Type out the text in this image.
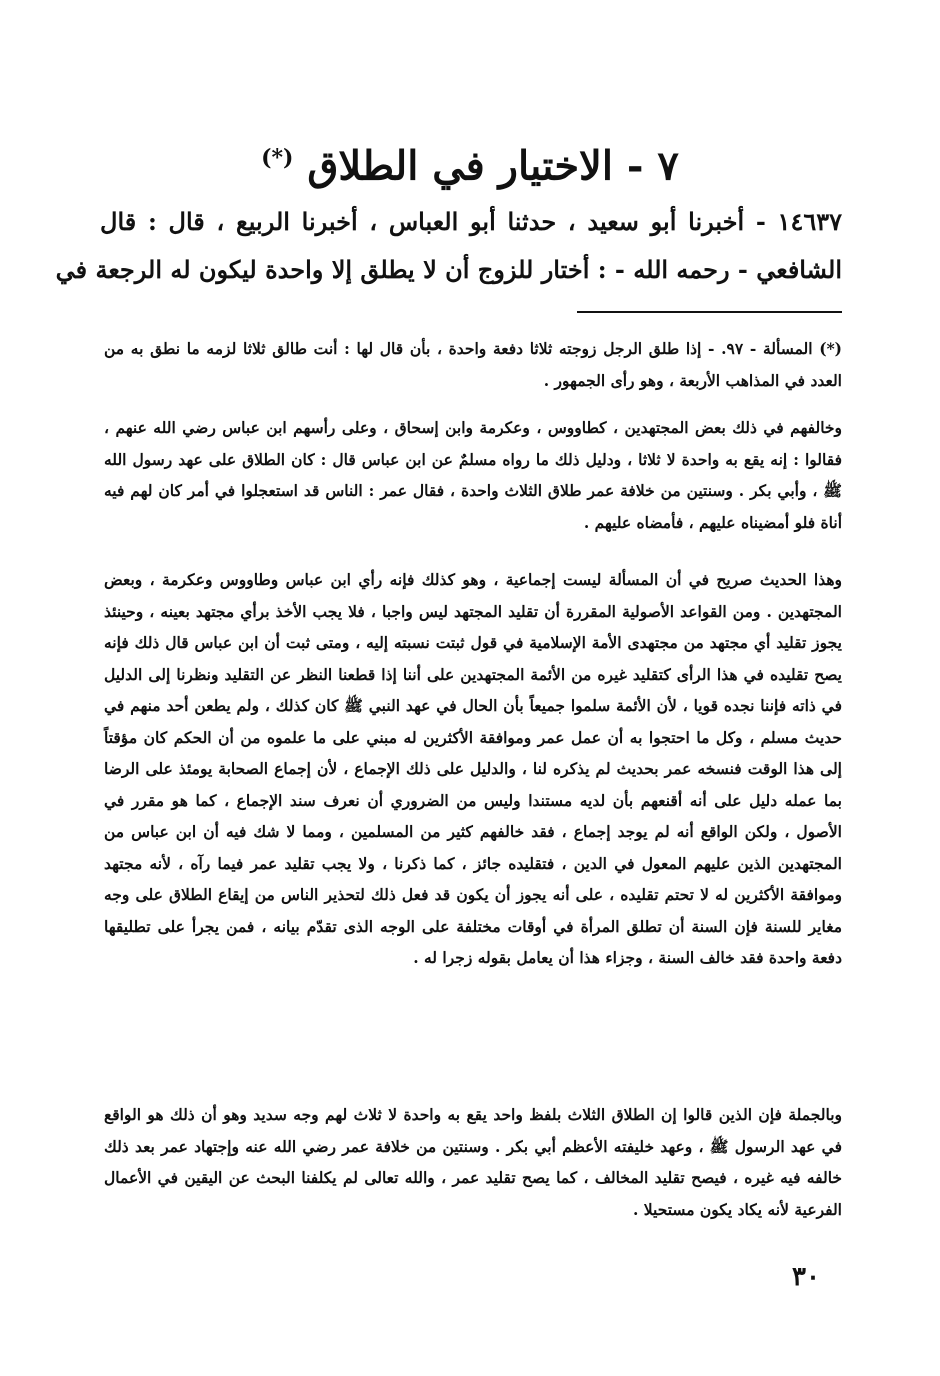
٧ - الاختيار في الطلاق (*)
١٤٦٣٧ - أخبرنا أبو سعيد ، حدثنا أبو العباس ، أخبرنا الربيع ، قال : قال
الشافعي - رحمه الله - : أختار للزوج أن لا يطلق إلا واحدة ليكون له الرجعة في

(*) المسألة - ٩٧. - إذا طلق الرجل زوجته ثلاثا دفعة واحدة ، بأن قال لها : أنت طالق ثلاثا لزمه ما نطق به من العدد في المذاهب الأربعة ، وهو رأى الجمهور .

وخالفهم في ذلك بعض المجتهدين ، كطاووس ، وعكرمة وابن إسحاق ، وعلى رأسهم ابن عباس رضي الله عنهم ، فقالوا : إنه يقع به واحدة لا ثلاثا ، ودليل ذلك ما رواه مسلمٌ عن ابن عباس قال : كان الطلاق على عهد رسول الله ﷺ ، وأبي بكر . وسنتين من خلافة عمر طلاق الثلاث واحدة ، فقال عمر : الناس قد استعجلوا في أمر كان لهم فيه أناة فلو أمضيناه عليهم ، فأمضاه عليهم .

وهذا الحديث صريح في أن المسألة ليست إجماعية ، وهو كذلك فإنه رأي ابن عباس وطاووس وعكرمة ، وبعض المجتهدين . ومن القواعد الأصولية المقررة أن تقليد المجتهد ليس واجبا ، فلا يجب الأخذ برأي مجتهد بعينه ، وحينئذ يجوز تقليد أي مجتهد من مجتهدى الأمة الإسلامية في قول ثبتت نسبته إليه ، ومتى ثبت أن ابن عباس قال ذلك فإنه يصح تقليده في هذا الرأى كتقليد غيره من الأئمة المجتهدين على أننا إذا قطعنا النظر عن التقليد ونظرنا إلى الدليل في ذاته فإننا نجده قويا ، لأن الأئمة سلموا جميعاً بأن الحال في عهد النبي ﷺ كان كذلك ، ولم يطعن أحد منهم في حديث مسلم ، وكل ما احتجوا به أن عمل عمر وموافقة الأكثرين له مبني على ما علموه من أن الحكم كان مؤقتاً إلى هذا الوقت فنسخه عمر بحديث لم يذكره لنا ، والدليل على ذلك الإجماع ، لأن إجماع الصحابة يومئذ على الرضا بما عمله دليل على أنه أقنعهم بأن لديه مستندا وليس من الضروري أن نعرف سند الإجماع ، كما هو مقرر في الأصول ، ولكن الواقع أنه لم يوجد إجماع ، فقد خالفهم كثير من المسلمين ، ومما لا شك فيه أن ابن عباس من المجتهدين الذين عليهم المعول في الدين ، فتقليده جائز ، كما ذكرنا ، ولا يجب تقليد عمر فيما رآه ، لأنه مجتهد وموافقة الأكثرين له لا تحتم تقليده ، على أنه يجوز أن يكون قد فعل ذلك لتحذير الناس من إيقاع الطلاق على وجه مغاير للسنة فإن السنة أن تطلق المرأة في أوقات مختلفة على الوجه الذى تقدّم بيانه ، فمن يجرأ على تطليقها دفعة واحدة فقد خالف السنة ، وجزاء هذا أن يعامل بقوله زجرا له .

وبالجملة فإن الذين قالوا إن الطلاق الثلاث بلفظ واحد يقع به واحدة لا ثلاث لهم وجه سديد وهو أن ذلك هو الواقع في عهد الرسول ﷺ ، وعهد خليفته الأعظم أبي بكر . وسنتين من خلافة عمر رضي الله عنه وإجتهاد عمر بعد ذلك خالفه فيه غيره ، فيصح تقليد المخالف ، كما يصح تقليد عمر ، والله تعالى لم يكلفنا البحث عن اليقين في الأعمال الفرعية لأنه يكاد يكون مستحيلا .

٣٠
